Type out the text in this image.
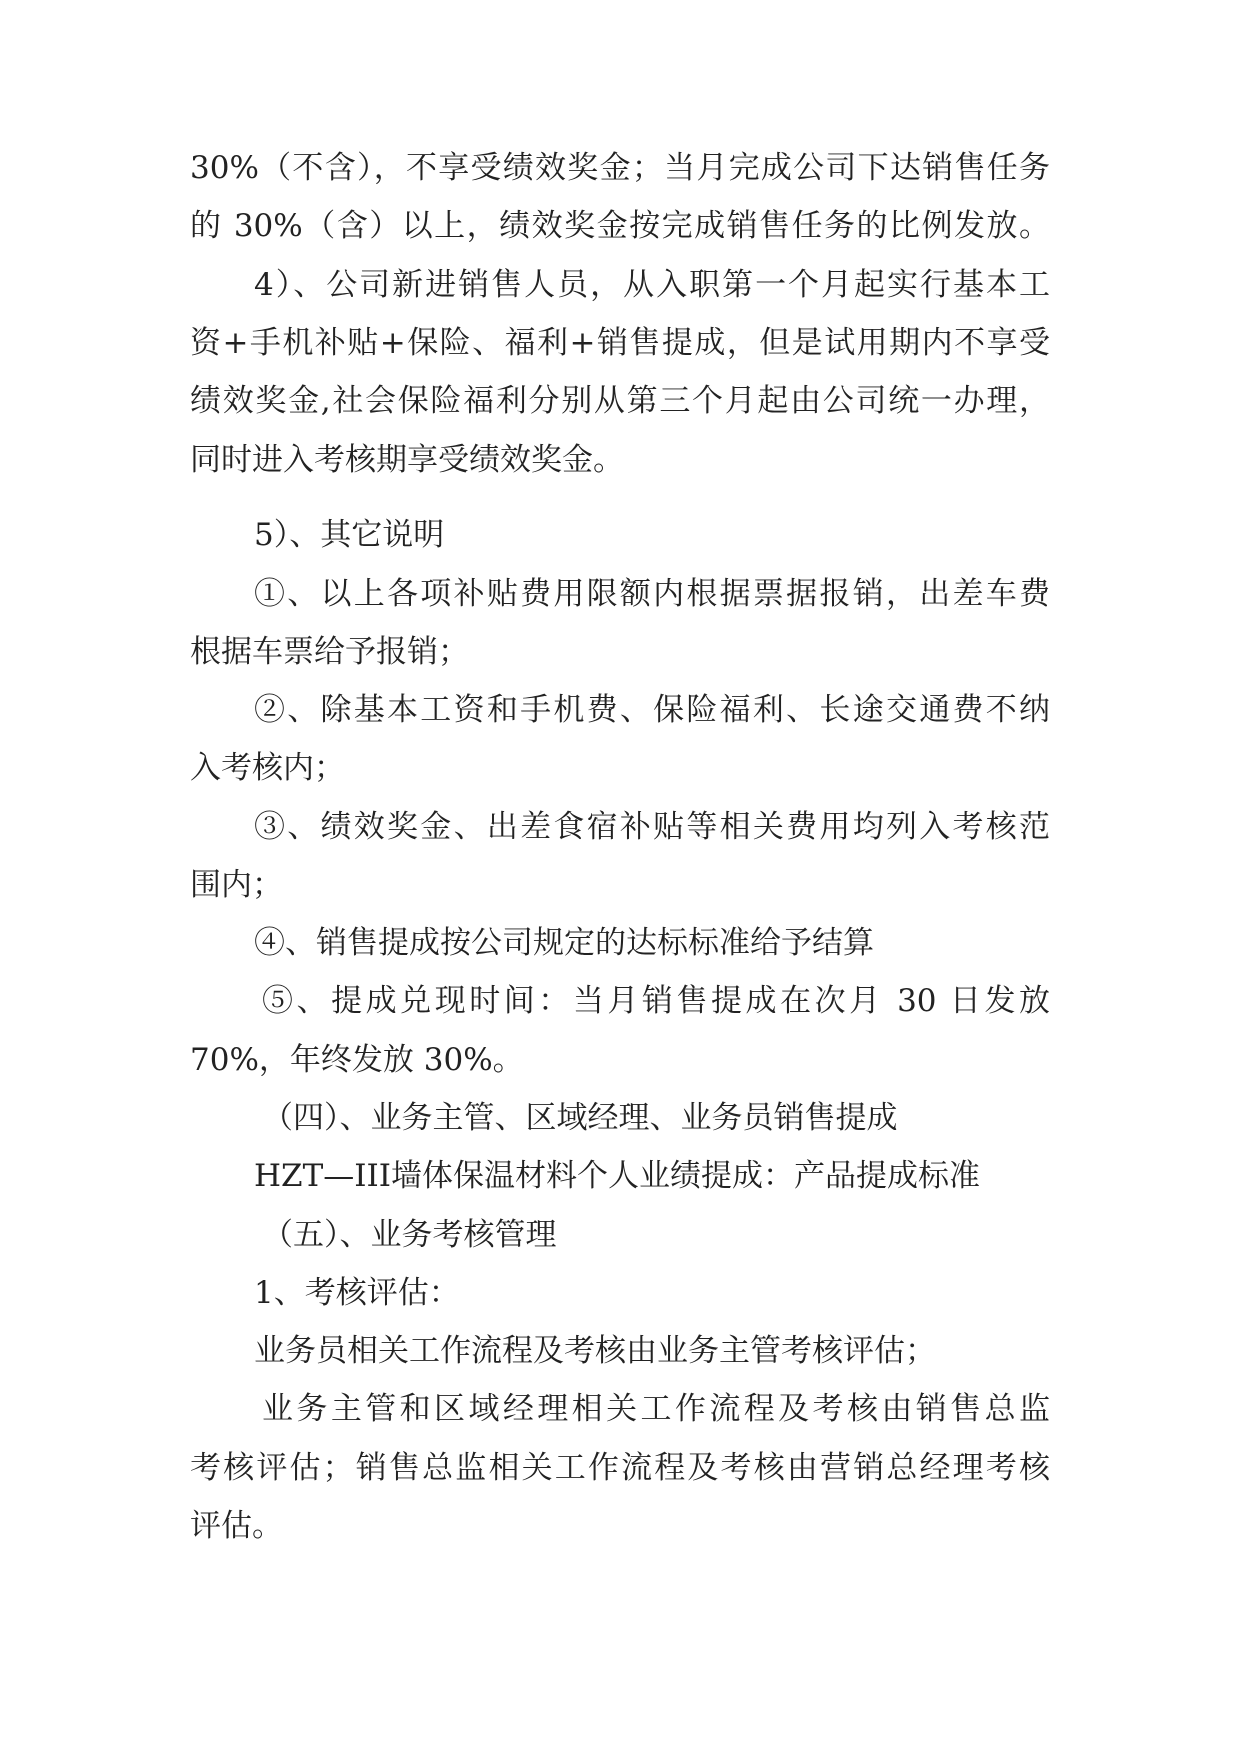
30%（不含），不享受绩效奖金；当月完成公司下达销售任务

的 30%（含）以上，绩效奖金按完成销售任务的比例发放。

4）、公司新进销售人员，从入职第一个月起实行基本工

资+手机补贴+保险、福利+销售提成，但是试用期内不享受

绩效奖金,社会保险福利分别从第三个月起由公司统一办理，

同时进入考核期享受绩效奖金。

5）、其它说明

①、以上各项补贴费用限额内根据票据报销，出差车费

根据车票给予报销；

②、除基本工资和手机费、保险福利、长途交通费不纳

入考核内；

③、绩效奖金、出差食宿补贴等相关费用均列入考核范

围内；

④、销售提成按公司规定的达标标准给予结算

⑤、提成兑现时间：当月销售提成在次月 30 日发放

70%，年终发放 30%。

（四）、业务主管、区域经理、业务员销售提成

HZT—III墙体保温材料个人业绩提成：产品提成标准

（五）、业务考核管理

1、考核评估：

业务员相关工作流程及考核由业务主管考核评估；

业务主管和区域经理相关工作流程及考核由销售总监

考核评估；销售总监相关工作流程及考核由营销总经理考核

评估。
